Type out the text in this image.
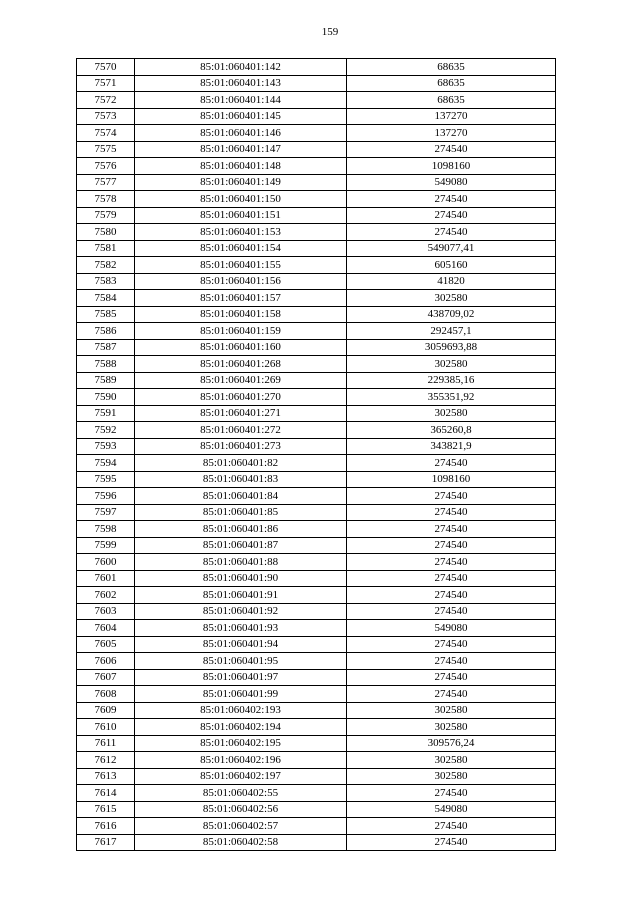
159
7570	85:01:060401:142	68635
7571	85:01:060401:143	68635
7572	85:01:060401:144	68635
7573	85:01:060401:145	137270
7574	85:01:060401:146	137270
7575	85:01:060401:147	274540
7576	85:01:060401:148	1098160
7577	85:01:060401:149	549080
7578	85:01:060401:150	274540
7579	85:01:060401:151	274540
7580	85:01:060401:153	274540
7581	85:01:060401:154	549077,41
7582	85:01:060401:155	605160
7583	85:01:060401:156	41820
7584	85:01:060401:157	302580
7585	85:01:060401:158	438709,02
7586	85:01:060401:159	292457,1
7587	85:01:060401:160	3059693,88
7588	85:01:060401:268	302580
7589	85:01:060401:269	229385,16
7590	85:01:060401:270	355351,92
7591	85:01:060401:271	302580
7592	85:01:060401:272	365260,8
7593	85:01:060401:273	343821,9
7594	85:01:060401:82	274540
7595	85:01:060401:83	1098160
7596	85:01:060401:84	274540
7597	85:01:060401:85	274540
7598	85:01:060401:86	274540
7599	85:01:060401:87	274540
7600	85:01:060401:88	274540
7601	85:01:060401:90	274540
7602	85:01:060401:91	274540
7603	85:01:060401:92	274540
7604	85:01:060401:93	549080
7605	85:01:060401:94	274540
7606	85:01:060401:95	274540
7607	85:01:060401:97	274540
7608	85:01:060401:99	274540
7609	85:01:060402:193	302580
7610	85:01:060402:194	302580
7611	85:01:060402:195	309576,24
7612	85:01:060402:196	302580
7613	85:01:060402:197	302580
7614	85:01:060402:55	274540
7615	85:01:060402:56	549080
7616	85:01:060402:57	274540
7617	85:01:060402:58	274540
